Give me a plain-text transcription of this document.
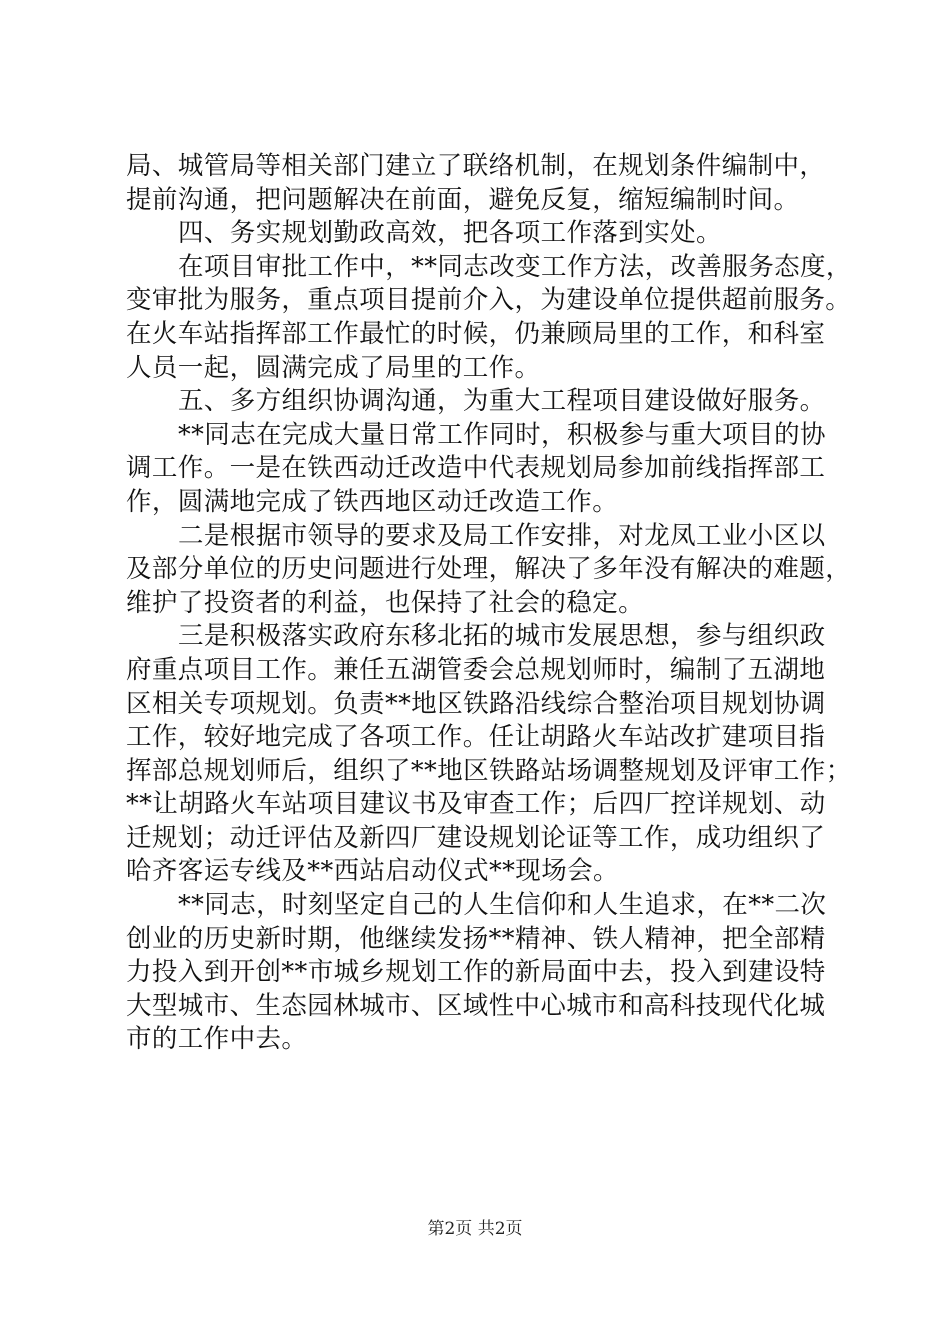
局、城管局等相关部门建立了联络机制，在规划条件编制中，
提前沟通，把问题解决在前面，避免反复，缩短编制时间。
四、务实规划勤政高效，把各项工作落到实处。
在项目审批工作中，**同志改变工作方法，改善服务态度，
变审批为服务，重点项目提前介入，为建设单位提供超前服务。
在火车站指挥部工作最忙的时候，仍兼顾局里的工作，和科室
人员一起，圆满完成了局里的工作。
五、多方组织协调沟通，为重大工程项目建设做好服务。
**同志在完成大量日常工作同时，积极参与重大项目的协
调工作。一是在铁西动迁改造中代表规划局参加前线指挥部工
作，圆满地完成了铁西地区动迁改造工作。
二是根据市领导的要求及局工作安排，对龙凤工业小区以
及部分单位的历史问题进行处理，解决了多年没有解决的难题，
维护了投资者的利益，也保持了社会的稳定。
三是积极落实政府东移北拓的城市发展思想，参与组织政
府重点项目工作。兼任五湖管委会总规划师时，编制了五湖地
区相关专项规划。负责**地区铁路沿线综合整治项目规划协调
工作，较好地完成了各项工作。任让胡路火车站改扩建项目指
挥部总规划师后，组织了**地区铁路站场调整规划及评审工作；
**让胡路火车站项目建议书及审查工作；后四厂控详规划、动
迁规划；动迁评估及新四厂建设规划论证等工作，成功组织了
哈齐客运专线及**西站启动仪式**现场会。
**同志，时刻坚定自己的人生信仰和人生追求，在**二次
创业的历史新时期，他继续发扬**精神、铁人精神，把全部精
力投入到开创**市城乡规划工作的新局面中去，投入到建设特
大型城市、生态园林城市、区域性中心城市和高科技现代化城
市的工作中去。
第2页 共2页
